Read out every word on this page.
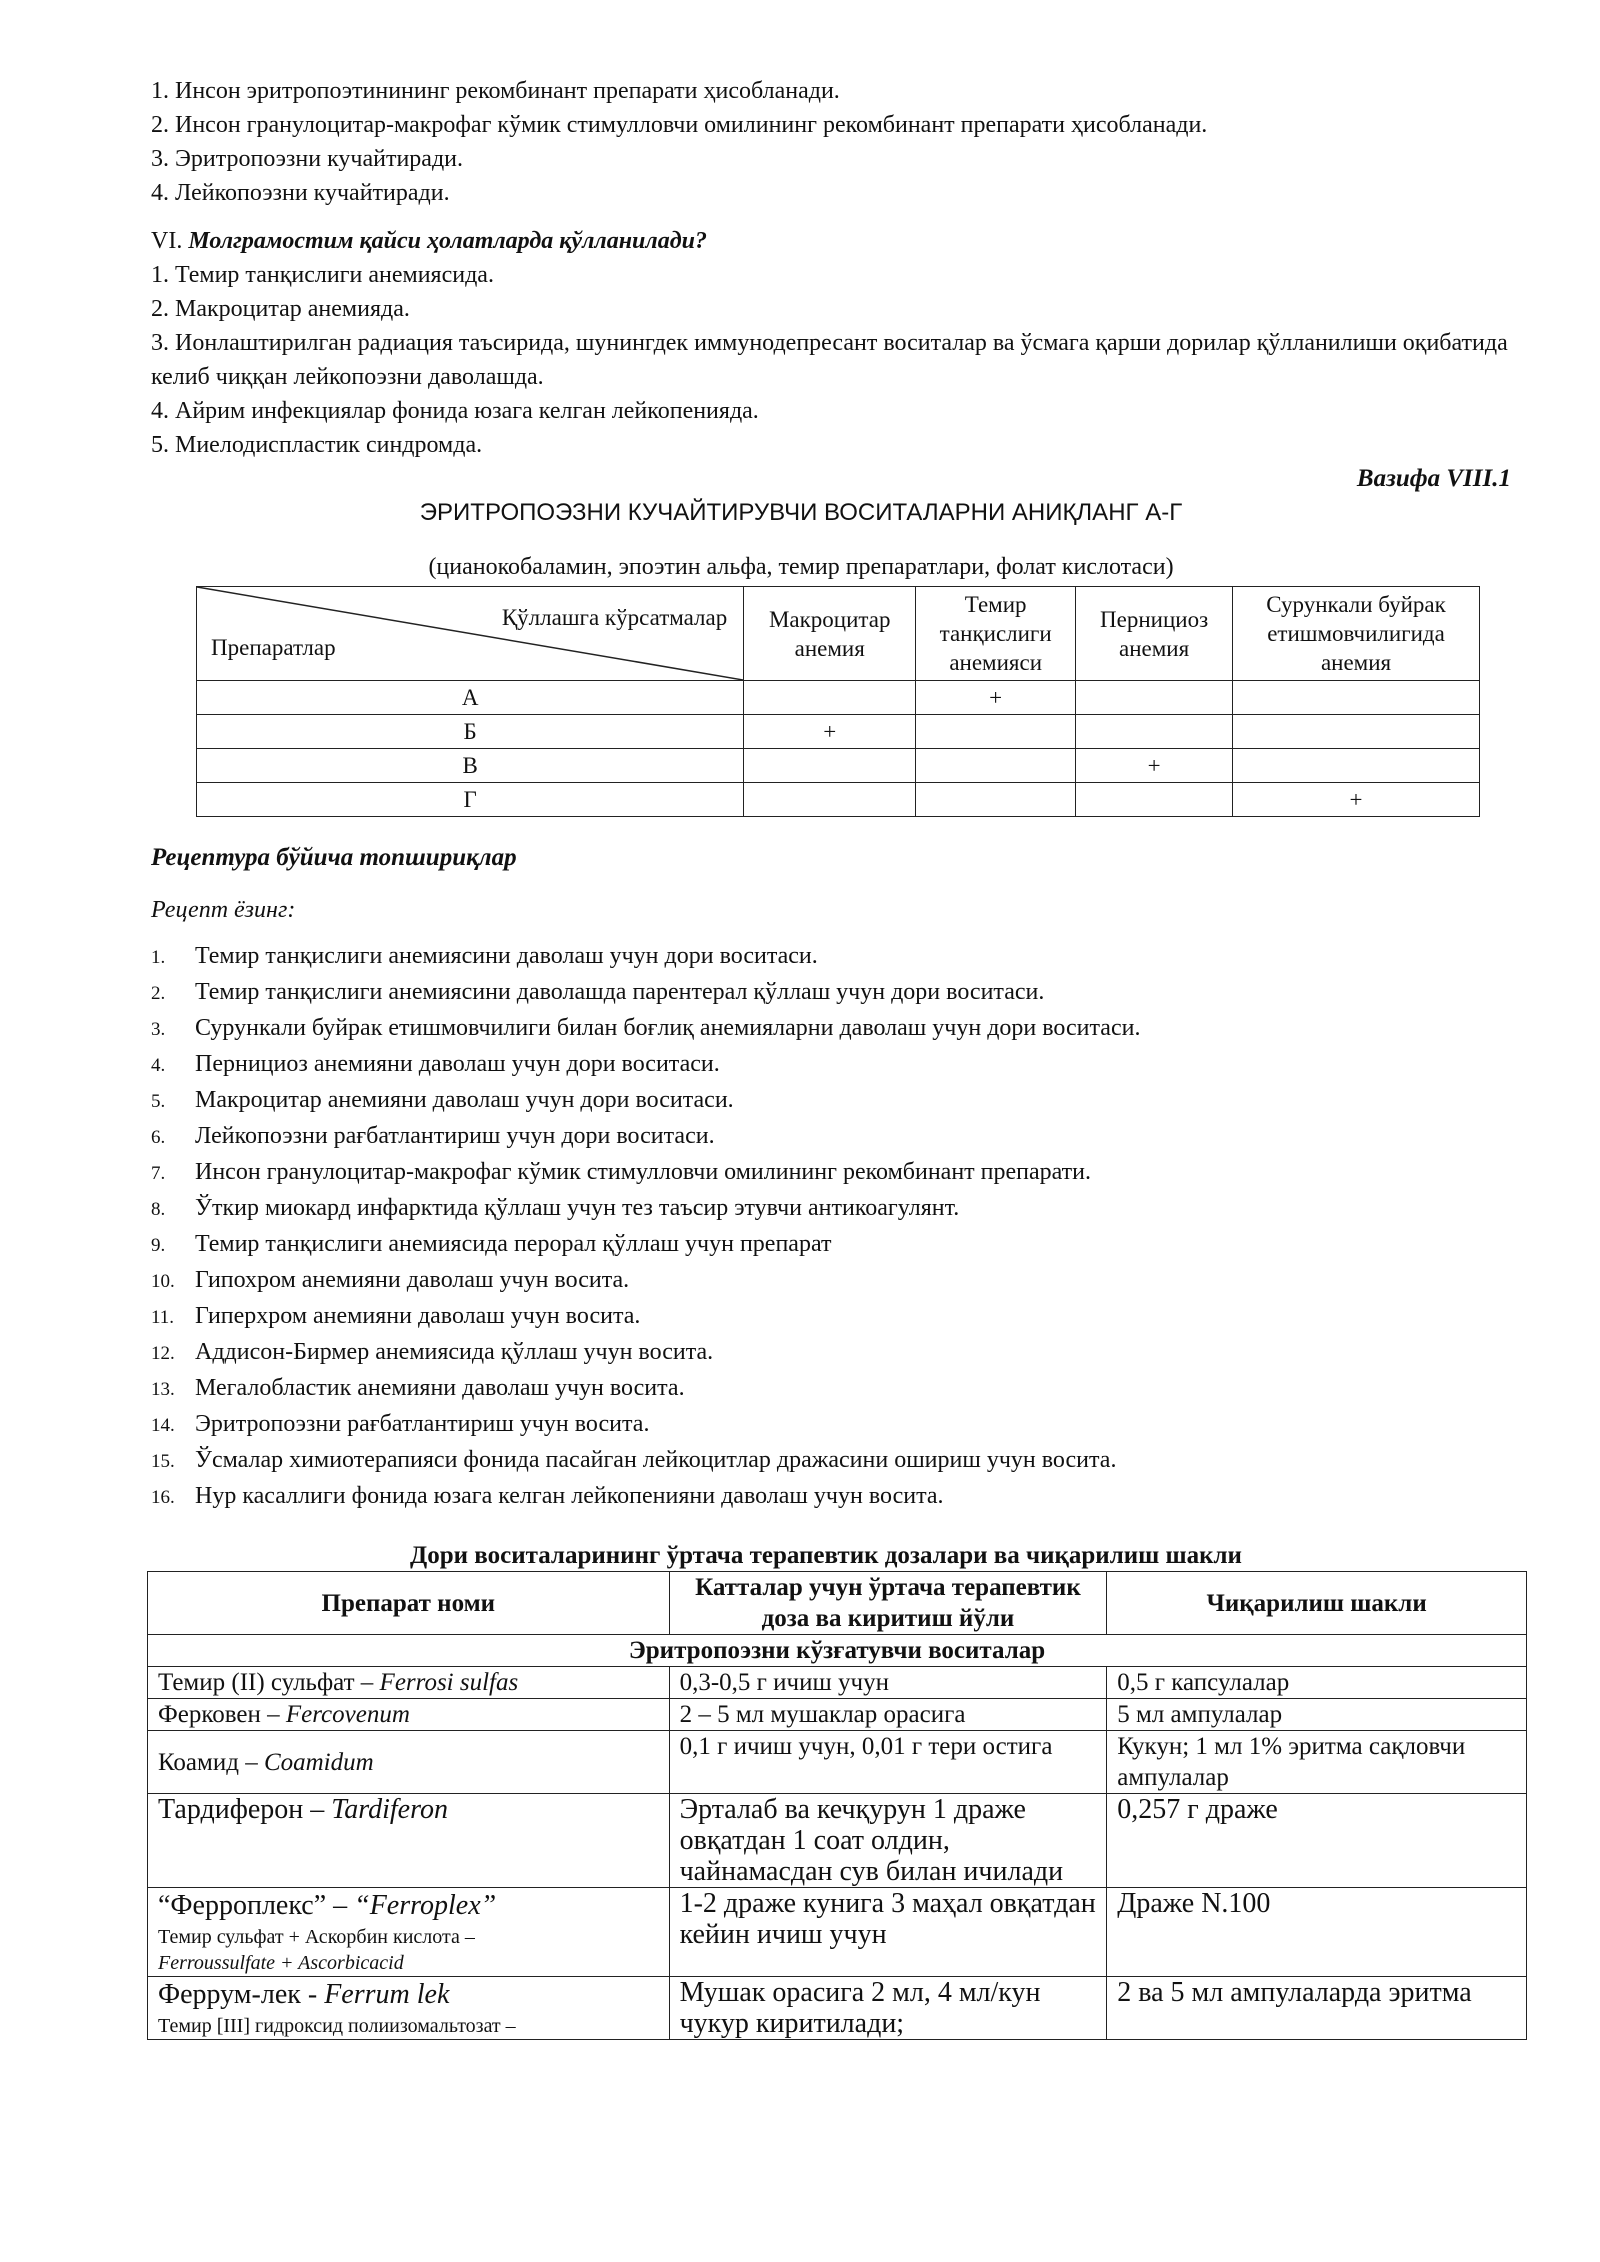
1. Инсон эритропоэтинининг рекомбинант препарати ҳисобланади.
2. Инсон гранулоцитар-макрофаг кўмик стимулловчи омилининг рекомбинант препарати ҳисобланади.
3. Эритропоэзни кучайтиради.
4. Лейкопоэзни кучайтиради.
VI. Молграмостим қайси ҳолатларда қўлланилади?
1. Темир танқислиги анемиясида.
2. Макроцитар анемияда.
3. Ионлаштирилган радиация таъсирида, шунингдек иммунодепресант воситалар ва ўсмага қарши дорилар қўлланилиши оқибатида келиб чиққан лейкопоэзни даволашда.
4. Айрим инфекциялар фонида юзага келган лейкопенияда.
5. Миелодиспластик синдромда.
Вазифа VIII.1
ЭРИТРОПОЭЗНИ КУЧАЙТИРУВЧИ ВОСИТАЛАРНИ АНИҚЛАНГ А-Г
(цианокобаламин, эпоэтин альфа, темир препаратлари, фолат кислотаси)
Қўллашга кўрсатмалар
Препаратлар	Макроцитар анемия	Темир танқислиги анемияси	Пернициоз анемия	Сурункали буйрак етишмовчилигида анемия
А		+		
Б	+			
В			+	
Г				+
Рецептура бўйича топшириқлар
Рецепт ёзинг:
1. Темир танқислиги анемиясини даволаш учун дори воситаси.
2. Темир танқислиги анемиясини даволашда парентерал қўллаш учун дори воситаси.
3. Сурункали буйрак етишмовчилиги билан боғлиқ анемияларни даволаш учун дори воситаси.
4. Пернициоз анемияни даволаш учун дори воситаси.
5. Макроцитар анемияни даволаш учун дори воситаси.
6. Лейкопоэзни рағбатлантириш учун дори воситаси.
7. Инсон гранулоцитар-макрофаг кўмик стимулловчи омилининг рекомбинант препарати.
8. Ўткир миокард инфарктида қўллаш учун тез таъсир этувчи антикоагулянт.
9. Темир танқислиги анемиясида перорал қўллаш учун препарат
10. Гипохром анемияни даволаш учун восита.
11. Гиперхром анемияни даволаш учун восита.
12. Аддисон-Бирмер анемиясида қўллаш учун восита.
13. Мегалобластик анемияни даволаш учун восита.
14. Эритропоэзни рағбатлантириш учун восита.
15. Ўсмалар химиотерапияси фонида пасайган лейкоцитлар дражасини ошириш учун восита.
16. Нур касаллиги фонида юзага келган лейкопенияни даволаш учун восита.
Дори воситаларининг ўртача терапевтик дозалари ва чиқарилиш шакли
Препарат номи	Катталар учун ўртача терапевтик доза ва киритиш йўли	Чиқарилиш шакли
Эритропоэзни кўзғатувчи воситалар		
Темир (II) сульфат – Ferrosi sulfas	0,3-0,5 г ичиш учун	0,5 г капсулалар
Ферковен – Fercovenum	2 – 5 мл мушаклар орасига	5 мл ампулалар
Коамид – Coamidum	0,1 г ичиш учун, 0,01 г тери остига	Кукун; 1 мл 1% эритма сақловчи ампулалар
Тардиферон – Tardiferon	Эрталаб ва кечқурун 1 драже овқатдан 1 соат олдин, чайнамасдан сув билан ичилади	0,257 г драже

“Ферроплекс” – “Ferroplex”
Темир сульфат + Аскорбин кислота –
Ferroussulfate + Ascorbicacid	1-2 драже кунига 3 маҳал овқатдан кейин ичиш учун	Драже N.100

Феррум-лек - Ferrum lek
Темир [III] гидроксид полиизомальтозат –	Мушак орасига 2 мл, 4 мл/кун чукур киритилади;	2 ва 5 мл ампулаларда эритма
